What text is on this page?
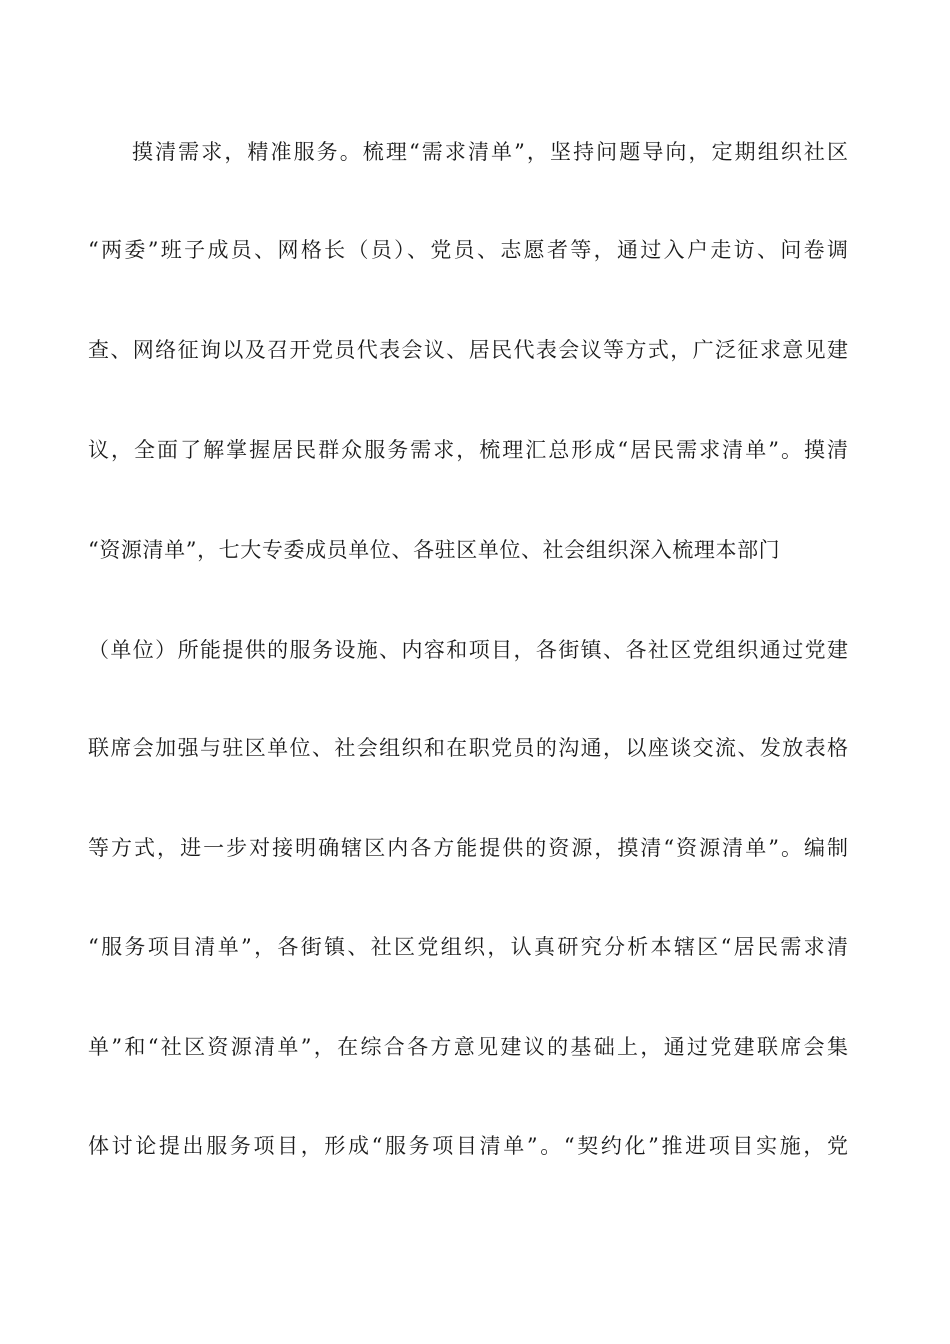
摸清需求，精准服务。梳理“需求清单”，坚持问题导向，定期组织社区
“两委”班子成员、网格长（员）、党员、志愿者等，通过入户走访、问卷调
查、网络征询以及召开党员代表会议、居民代表会议等方式，广泛征求意见建
议，全面了解掌握居民群众服务需求，梳理汇总形成“居民需求清单”。摸清
“资源清单”，七大专委成员单位、各驻区单位、社会组织深入梳理本部门
（单位）所能提供的服务设施、内容和项目，各街镇、各社区党组织通过党建
联席会加强与驻区单位、社会组织和在职党员的沟通，以座谈交流、发放表格
等方式，进一步对接明确辖区内各方能提供的资源，摸清“资源清单”。编制
“服务项目清单”，各街镇、社区党组织，认真研究分析本辖区“居民需求清
单”和“社区资源清单”，在综合各方意见建议的基础上，通过党建联席会集
体讨论提出服务项目，形成“服务项目清单”。“契约化”推进项目实施，党
